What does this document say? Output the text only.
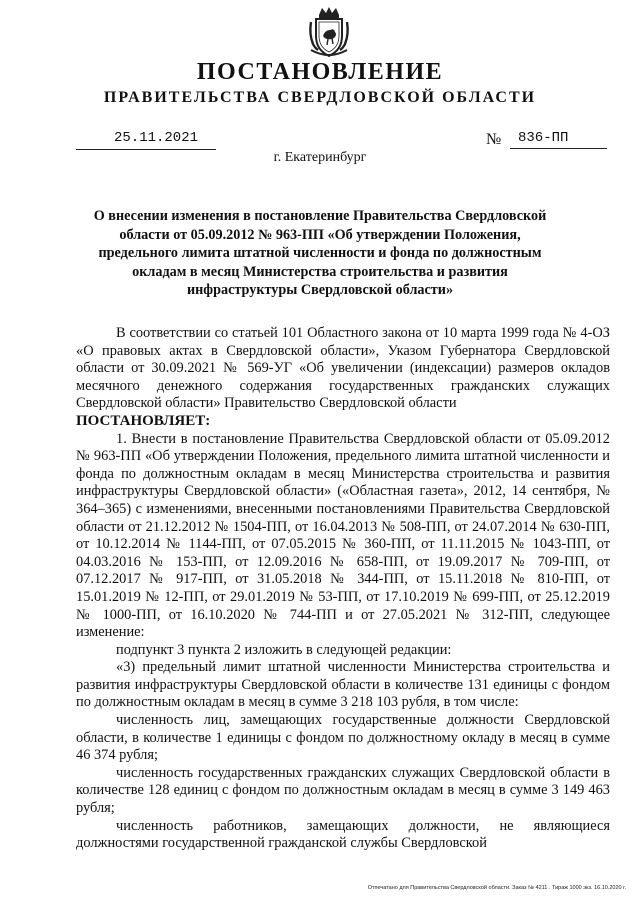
ПОСТАНОВЛЕНИЕ
ПРАВИТЕЛЬСТВА СВЕРДЛОВСКОЙ ОБЛАСТИ
25.11.2021	№	836-ПП
г. Екатеринбург
О внесении изменения в постановление Правительства Свердловской области от 05.09.2012 № 963-ПП «Об утверждении Положения, предельного лимита штатной численности и фонда по должностным окладам в месяц Министерства строительства и развития инфраструктуры Свердловской области»

В соответствии со статьей 101 Областного закона от 10 марта 1999 года № 4-ОЗ «О правовых актах в Свердловской области», Указом Губернатора Свердловской области от 30.09.2021 № 569-УГ «Об увеличении (индексации) размеров окладов месячного денежного содержания государственных гражданских служащих Свердловской области» Правительство Свердловской области

ПОСТАНОВЛЯЕТ:

1. Внести в постановление Правительства Свердловской области от 05.09.2012 № 963-ПП «Об утверждении Положения, предельного лимита штатной численности и фонда по должностным окладам в месяц Министерства строительства и развития инфраструктуры Свердловской области» («Областная газета», 2012, 14 сентября, № 364–365) с изменениями, внесенными постановлениями Правительства Свердловской области от 21.12.2012 № 1504-ПП, от 16.04.2013 № 508-ПП, от 24.07.2014 № 630-ПП, от 10.12.2014 № 1144-ПП, от 07.05.2015 № 360-ПП, от 11.11.2015 № 1043-ПП, от 04.03.2016 № 153-ПП, от 12.09.2016 № 658-ПП, от 19.09.2017 № 709-ПП, от 07.12.2017 № 917-ПП, от 31.05.2018 № 344-ПП, от 15.11.2018 № 810-ПП, от 15.01.2019 № 12-ПП, от 29.01.2019 № 53-ПП, от 17.10.2019 № 699-ПП, от 25.12.2019 № 1000-ПП, от 16.10.2020 № 744-ПП и от 27.05.2021 № 312-ПП, следующее изменение:

подпункт 3 пункта 2 изложить в следующей редакции:

«3) предельный лимит штатной численности Министерства строительства и развития инфраструктуры Свердловской области в количестве 131 единицы с фондом по должностным окладам в месяц в сумме 3 218 103 рубля, в том числе:

численность лиц, замещающих государственные должности Свердловской области, в количестве 1 единицы с фондом по должностному окладу в месяц в сумме 46 374 рубля;

численность государственных гражданских служащих Свердловской области в количестве 128 единиц с фондом по должностным окладам в месяц в сумме 3 149 463 рубля;

численность работников, замещающих должности, не являющиеся должностями государственной гражданской службы Свердловской

Отпечатано для Правительства Свердловской области. Заказ № 4211 . Тираж 1000 экз. 16.10.2020 г.
